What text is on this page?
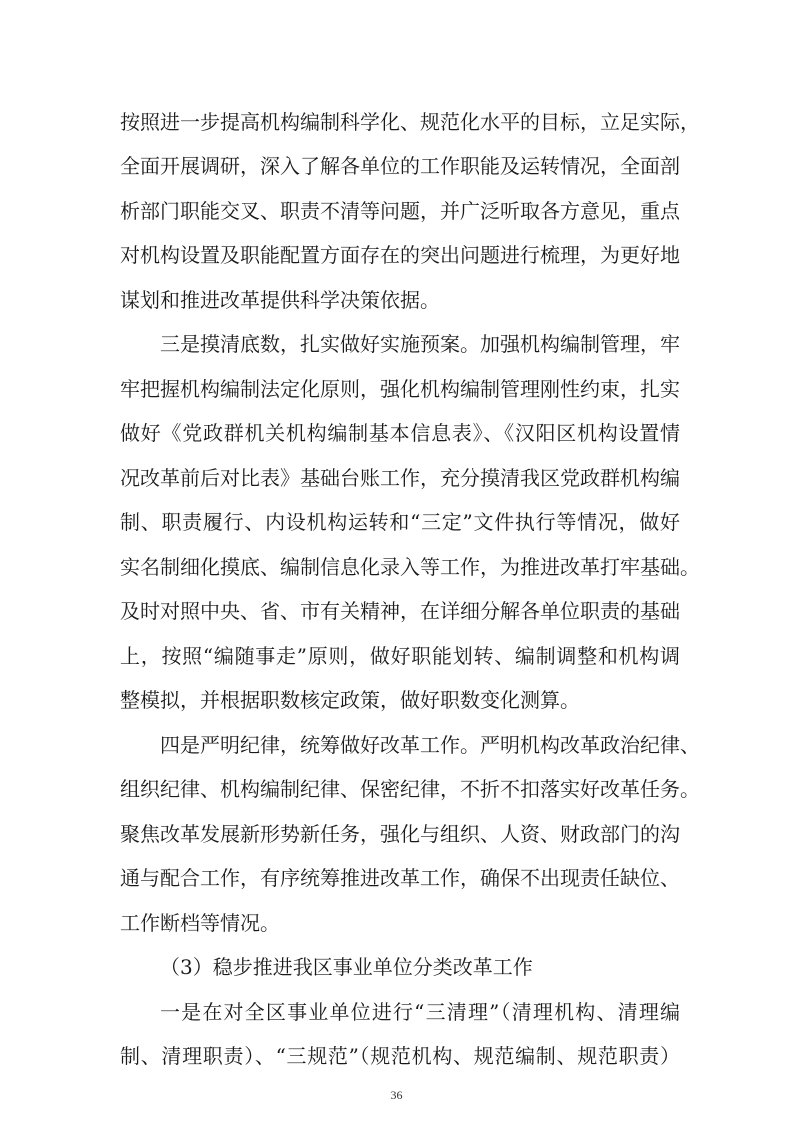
按照进一步提高机构编制科学化、规范化水平的目标，立足实际，
全面开展调研，深入了解各单位的工作职能及运转情况，全面剖
析部门职能交叉、职责不清等问题，并广泛听取各方意见，重点
对机构设置及职能配置方面存在的突出问题进行梳理，为更好地
谋划和推进改革提供科学决策依据。
三是摸清底数，扎实做好实施预案。加强机构编制管理，牢
牢把握机构编制法定化原则，强化机构编制管理刚性约束，扎实
做好《党政群机关机构编制基本信息表》、《汉阳区机构设置情
况改革前后对比表》基础台账工作，充分摸清我区党政群机构编
制、职责履行、内设机构运转和“三定”文件执行等情况，做好
实名制细化摸底、编制信息化录入等工作，为推进改革打牢基础。
及时对照中央、省、市有关精神，在详细分解各单位职责的基础
上，按照“编随事走”原则，做好职能划转、编制调整和机构调
整模拟，并根据职数核定政策，做好职数变化测算。
四是严明纪律，统筹做好改革工作。严明机构改革政治纪律、
组织纪律、机构编制纪律、保密纪律，不折不扣落实好改革任务。
聚焦改革发展新形势新任务，强化与组织、人资、财政部门的沟
通与配合工作，有序统筹推进改革工作，确保不出现责任缺位、
工作断档等情况。
（3）稳步推进我区事业单位分类改革工作
一是在对全区事业单位进行“三清理”（清理机构、清理编
制、清理职责）、“三规范”（规范机构、规范编制、规范职责）
36
